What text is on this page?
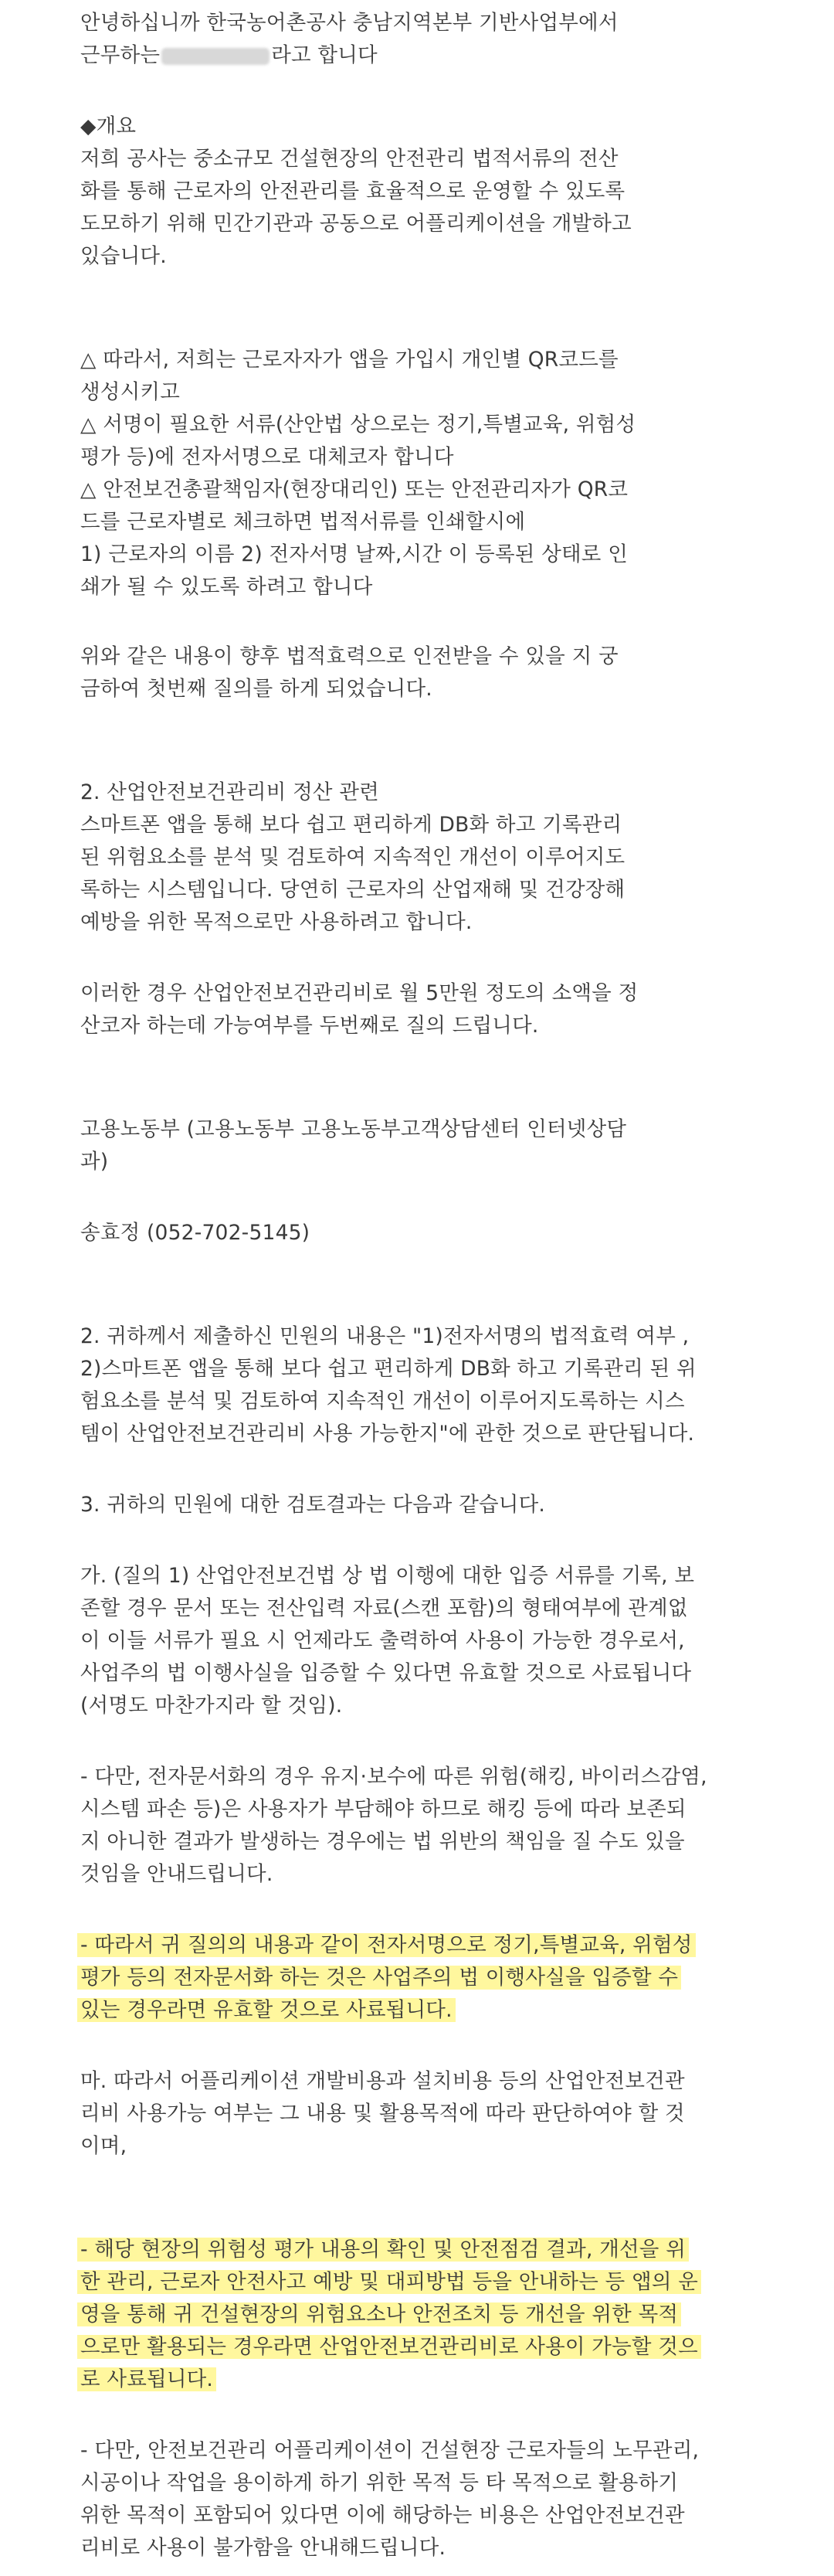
안녕하십니까 한국농어촌공사 충남지역본부 기반사업부에서
근무하는	라고 합니다
◆개요
저희 공사는 중소규모 건설현장의 안전관리 법적서류의 전산
화를 통해 근로자의 안전관리를 효율적으로 운영할 수 있도록
도모하기 위해 민간기관과 공동으로 어플리케이션을 개발하고
있습니다.
△ 따라서, 저희는 근로자자가 앱을 가입시 개인별 QR코드를
생성시키고
△ 서명이 필요한 서류(산안법 상으로는 정기,특별교육, 위험성
평가 등)에 전자서명으로 대체코자 합니다
△ 안전보건총괄책임자(현장대리인) 또는 안전관리자가 QR코
드를 근로자별로 체크하면 법적서류를 인쇄할시에
1) 근로자의 이름 2) 전자서명 날짜,시간 이 등록된 상태로 인
쇄가 될 수 있도록 하려고 합니다
위와 같은 내용이 향후 법적효력으로 인전받을 수 있을 지 궁
금하여 첫번째 질의를 하게 되었습니다.
2. 산업안전보건관리비 정산 관련
스마트폰 앱을 통해 보다 쉽고 편리하게 DB화 하고 기록관리
된 위험요소를 분석 및 검토하여 지속적인 개선이 이루어지도
록하는 시스템입니다. 당연히 근로자의 산업재해 및 건강장해
예방을 위한 목적으로만 사용하려고 합니다.
이러한 경우 산업안전보건관리비로 월 5만원 정도의 소액을 정
산코자 하는데 가능여부를 두번째로 질의 드립니다.
고용노동부 (고용노동부 고용노동부고객상담센터 인터넷상담
과)
송효정 (052-702-5145)
2. 귀하께서 제출하신 민원의 내용은 "1)전자서명의 법적효력 여부 ,
2)스마트폰 앱을 통해 보다 쉽고 편리하게 DB화 하고 기록관리 된 위
험요소를 분석 및 검토하여 지속적인 개선이 이루어지도록하는 시스
템이 산업안전보건관리비 사용 가능한지"에 관한 것으로 판단됩니다.
3. 귀하의 민원에 대한 검토결과는 다음과 같습니다.
가. (질의 1) 산업안전보건법 상 법 이행에 대한 입증 서류를 기록, 보
존할 경우 문서 또는 전산입력 자료(스캔 포함)의 형태여부에 관계없
이 이들 서류가 필요 시 언제라도 출력하여 사용이 가능한 경우로서,
사업주의 법 이행사실을 입증할 수 있다면 유효할 것으로 사료됩니다
(서명도 마찬가지라 할 것임).
- 다만, 전자문서화의 경우 유지·보수에 따른 위험(해킹, 바이러스감염,
시스템 파손 등)은 사용자가 부담해야 하므로 해킹 등에 따라 보존되
지 아니한 결과가 발생하는 경우에는 법 위반의 책임을 질 수도 있을
것임을 안내드립니다.
- 따라서 귀 질의의 내용과 같이 전자서명으로 정기,특별교육, 위험성
평가 등의 전자문서화 하는 것은 사업주의 법 이행사실을 입증할 수
있는 경우라면 유효할 것으로 사료됩니다.
마. 따라서 어플리케이션 개발비용과 설치비용 등의 산업안전보건관
리비 사용가능 여부는 그 내용 및 활용목적에 따라 판단하여야 할 것
이며,
- 해당 현장의 위험성 평가 내용의 확인 및 안전점검 결과, 개선을 위
한 관리, 근로자 안전사고 예방 및 대피방법 등을 안내하는 등 앱의 운
영을 통해 귀 건설현장의 위험요소나 안전조치 등 개선을 위한 목적
으로만 활용되는 경우라면 산업안전보건관리비로 사용이 가능할 것으
로 사료됩니다.
- 다만, 안전보건관리 어플리케이션이 건설현장 근로자들의 노무관리,
시공이나 작업을 용이하게 하기 위한 목적 등 타 목적으로 활용하기
위한 목적이 포함되어 있다면 이에 해당하는 비용은 산업안전보건관
리비로 사용이 불가함을 안내해드립니다.
